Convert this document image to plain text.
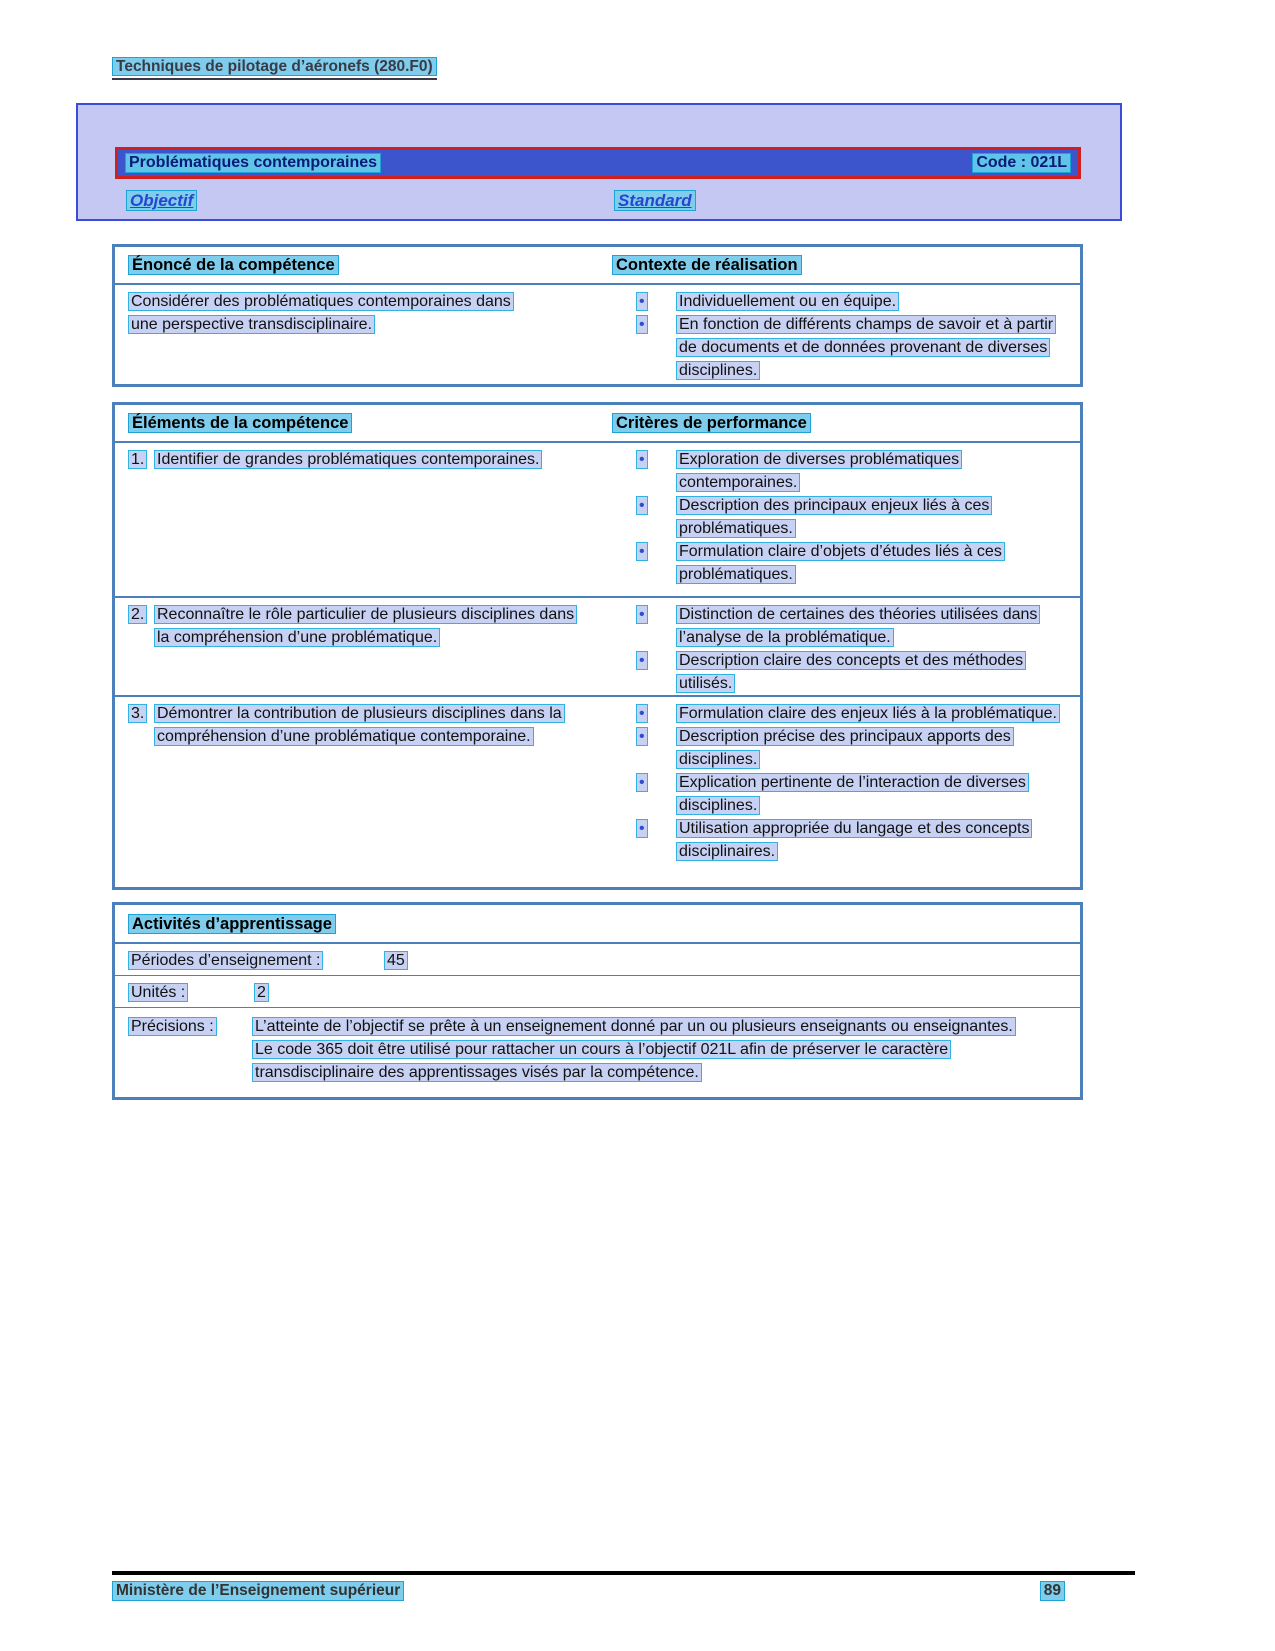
Techniques de pilotage d’aéronefs (280.F0)
Problématiques contemporaines	Code : 021L
Objectif	Standard
Énoncé de la compétence	Contexte de réalisation
Considérer des problématiques contemporaines dans une perspective transdisciplinaire.
•	Individuellement ou en équipe.
•	En fonction de différents champs de savoir et à partir de documents et de données provenant de diverses disciplines.
Éléments de la compétence	Critères de performance
1. Identifier de grandes problématiques contemporaines.	•	Exploration de diverses problématiques contemporaines.
•	Description des principaux enjeux liés à ces problématiques.
•	Formulation claire d’objets d’études liés à ces problématiques.
2. Reconnaître le rôle particulier de plusieurs disciplines dans la compréhension d’une problématique.
•	Distinction de certaines des théories utilisées dans l’analyse de la problématique.
•	Description claire des concepts et des méthodes utilisés.
3. Démontrer la contribution de plusieurs disciplines dans la compréhension d’une problématique contemporaine.
•	Formulation claire des enjeux liés à la problématique.
•	Description précise des principaux apports des disciplines.
•	Explication pertinente de l’interaction de diverses disciplines.
•	Utilisation appropriée du langage et des concepts disciplinaires.
Activités d’apprentissage
Périodes d’enseignement :	45
Unités :	2
Précisions :	L’atteinte de l’objectif se prête à un enseignement donné par un ou plusieurs enseignants ou enseignantes.
Le code 365 doit être utilisé pour rattacher un cours à l’objectif 021L afin de préserver le caractère transdisciplinaire des apprentissages visés par la compétence.
Ministère de l’Enseignement supérieur	89
